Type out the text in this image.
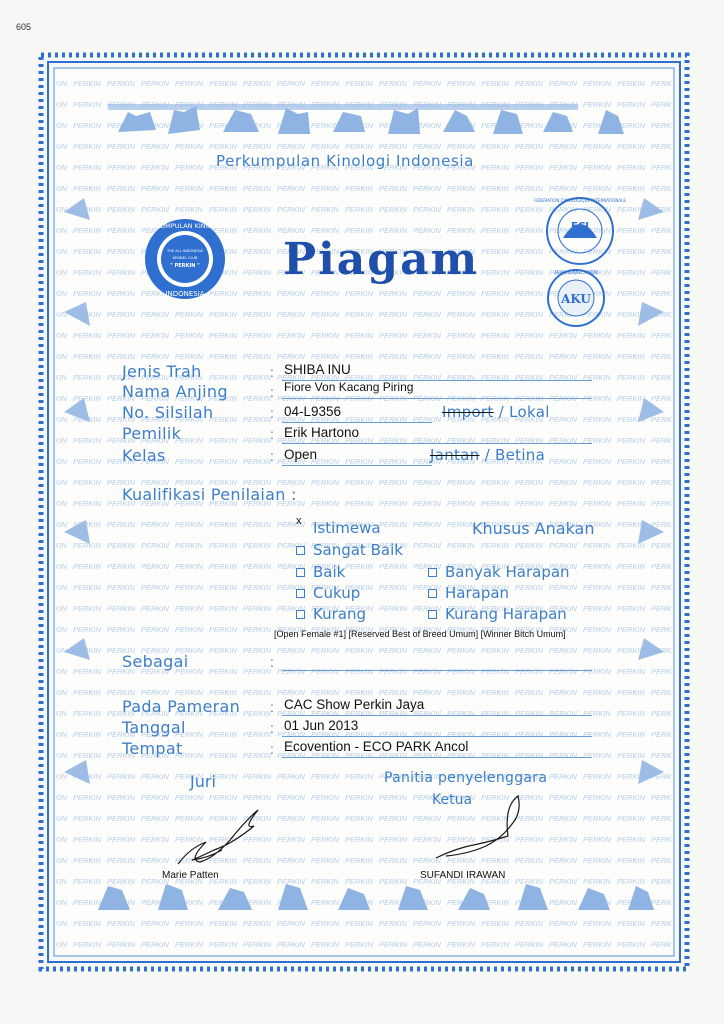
605
PERKUMPULAN KINOLOGI
INDONESIA
THE ALL INDONESIA
KENNEL CLUB
" PERKIN "
FCI
FEDERATION CYNOLOGIQUE INTERNATIONALE
AKU
ASIAN KENNEL UNION
Perkumpulan Kinologi Indonesia
Piagam
Jenis Trah	: SHIBA INU
Nama Anjing	: Fiore Von Kacang Piring
No. Silsilah	: 04-L9356	Import / Lokal
Pemilik	: Erik Hartono
Kelas	: Open	Jantan / Betina
Kualifikasi Penilaian :
x Istimewa
Sangat Baik
Baik
Cukup
Kurang
Khusus Anakan
Banyak Harapan
Harapan
Kurang Harapan
[Open Female #1] [Reserved Best of Breed Umum] [Winner Bitch Umum]
Sebagai	:
Pada Pameran : CAC Show Perkin Jaya
Tanggal	: 01 Jun 2013
Tempat	: Ecovention - ECO PARK Ancol
Juri	Panitia penyelenggara
Ketua
Marie Patten	SUFANDI IRAWAN
